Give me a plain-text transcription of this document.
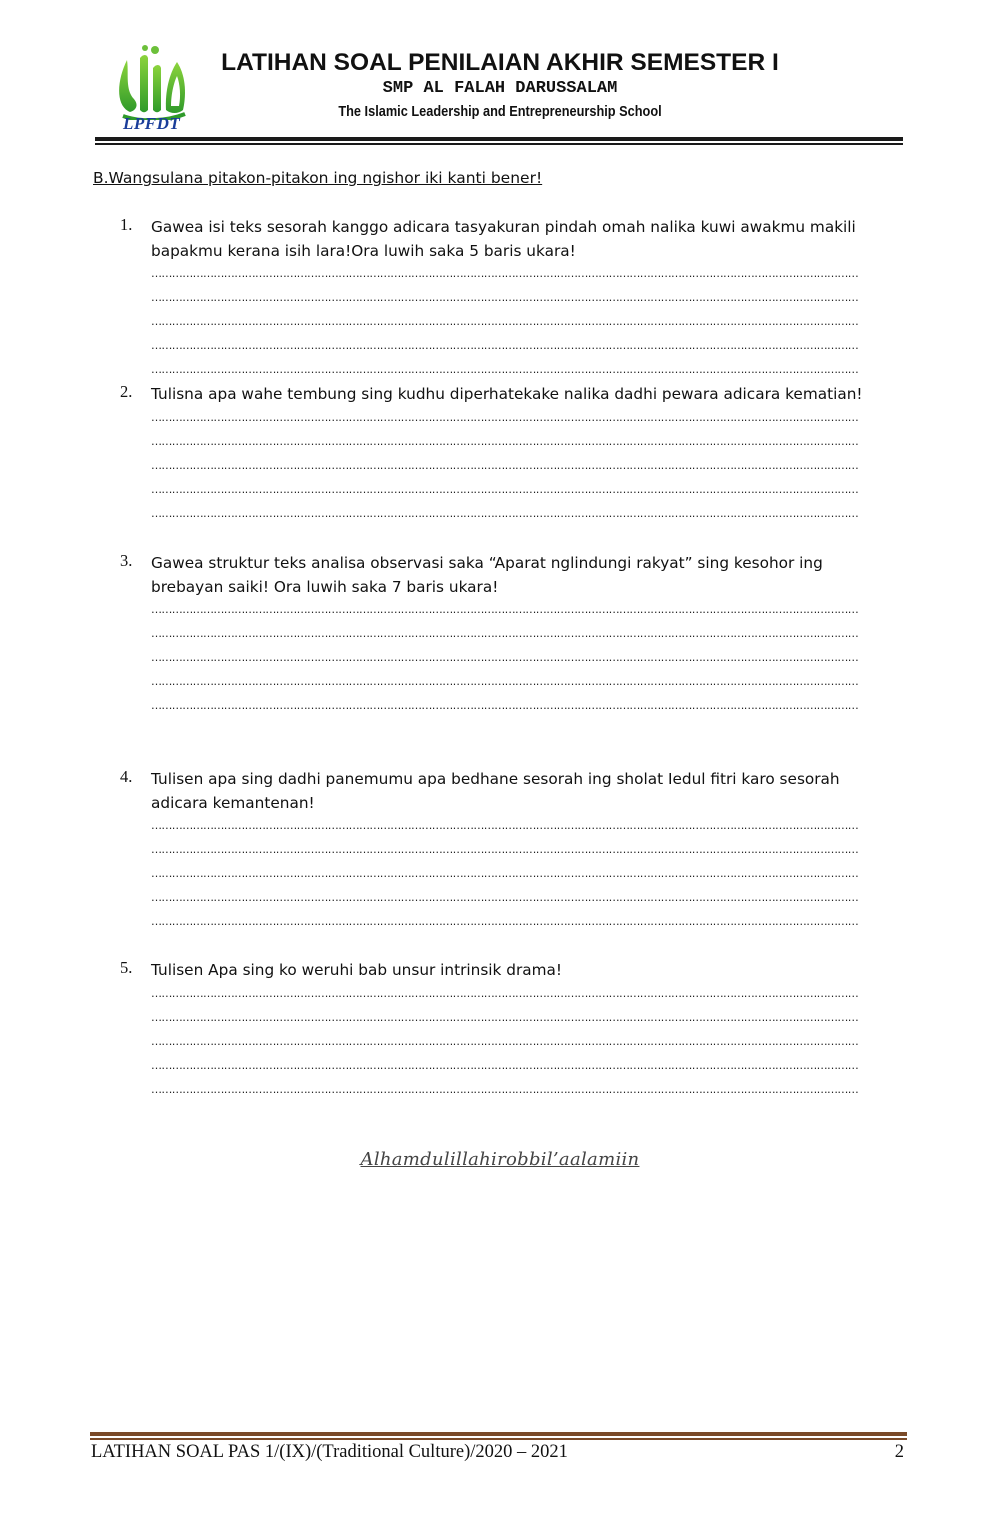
LPFDT
LATIHAN SOAL PENILAIAN AKHIR SEMESTER I
SMP AL FALAH DARUSSALAM
The Islamic Leadership and Entrepreneurship School
B.Wangsulana pitakon-pitakon ing ngishor iki kanti bener!
1. Gawea isi teks sesorah kanggo adicara tasyakuran pindah omah nalika kuwi awakmu makili bapakmu kerana isih lara!Ora luwih saka 5 baris ukara!
……………………………………………………………………………………………………………………………………………………………………………………
……………………………………………………………………………………………………………………………………………………………………………………
……………………………………………………………………………………………………………………………………………………………………………………
……………………………………………………………………………………………………………………………………………………………………………………
……………………………………………………………………………………………………………………………………………………………………………………
2. Tulisna apa wahe tembung sing kudhu diperhatekake nalika dadhi pewara adicara kematian!
……………………………………………………………………………………………………………………………………………………………………………………
……………………………………………………………………………………………………………………………………………………………………………………
……………………………………………………………………………………………………………………………………………………………………………………
……………………………………………………………………………………………………………………………………………………………………………………
……………………………………………………………………………………………………………………………………………………………………………………
3. Gawea struktur teks analisa observasi saka “Aparat nglindungi rakyat” sing kesohor ing brebayan saiki! Ora luwih saka 7 baris ukara!
……………………………………………………………………………………………………………………………………………………………………………………
……………………………………………………………………………………………………………………………………………………………………………………
……………………………………………………………………………………………………………………………………………………………………………………
……………………………………………………………………………………………………………………………………………………………………………………
……………………………………………………………………………………………………………………………………………………………………………………
4. Tulisen apa sing dadhi panemumu apa bedhane sesorah ing sholat Iedul fitri karo sesorah adicara kemantenan!
……………………………………………………………………………………………………………………………………………………………………………………
……………………………………………………………………………………………………………………………………………………………………………………
……………………………………………………………………………………………………………………………………………………………………………………
……………………………………………………………………………………………………………………………………………………………………………………
……………………………………………………………………………………………………………………………………………………………………………………
5. Tulisen Apa sing ko weruhi bab unsur intrinsik drama!
……………………………………………………………………………………………………………………………………………………………………………………
……………………………………………………………………………………………………………………………………………………………………………………
……………………………………………………………………………………………………………………………………………………………………………………
……………………………………………………………………………………………………………………………………………………………………………………
……………………………………………………………………………………………………………………………………………………………………………………
Alhamdulillahirobbil’aalamiin
LATIHAN SOAL PAS 1/(IX)/(Traditional Culture)/2020 – 2021	2
